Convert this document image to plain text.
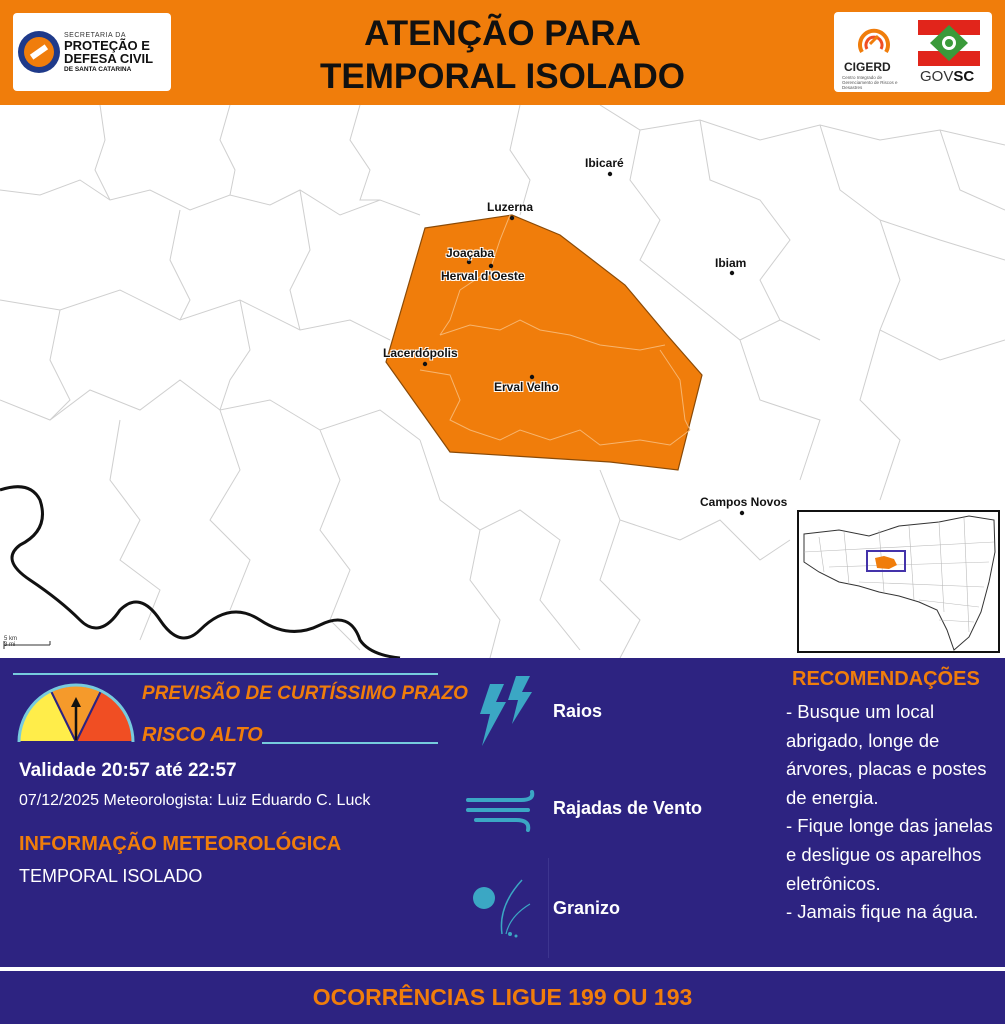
SECRETARIA DA
PROTEÇÃO E
DEFESA CIVIL
DE SANTA CATARINA
ATENÇÃO PARA
TEMPORAL ISOLADO	CIGERD
Centro Integrado de Gerenciamento de Riscos e Desastres
GOVSC
Ibicaré
Luzerna
Joaçaba
Herval d'Oeste
Ibiam
Lacerdópolis
Erval Velho
Campos Novos
5 km
3 mi
PREVISÃO DE CURTÍSSIMO PRAZO
RISCO ALTO
Validade 20:57 até 22:57
07/12/2025 Meteorologista: Luiz Eduardo C. Luck
INFORMAÇÃO METEOROLÓGICA
TEMPORAL ISOLADO
Raios
Rajadas de Vento
Granizo
RECOMENDAÇÕES
- Busque um local abrigado, longe de árvores, placas e postes de energia.
- Fique longe das janelas e desligue os aparelhos eletrônicos.
- Jamais fique na água.
OCORRÊNCIAS LIGUE 199 OU 193
